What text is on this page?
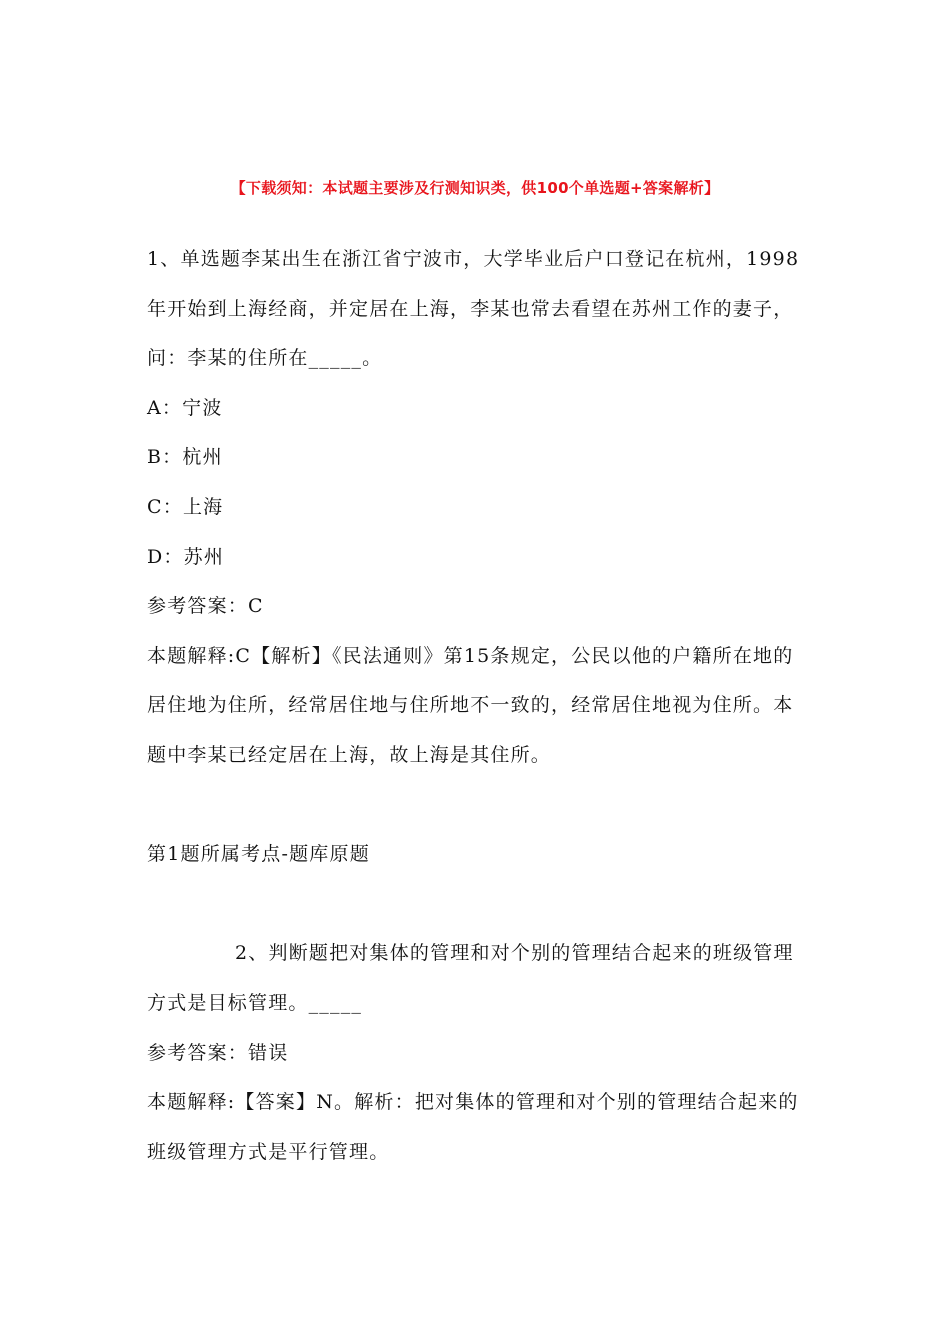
【下载须知：本试题主要涉及行测知识类，供100个单选题+答案解析】

1、单选题李某出生在浙江省宁波市，大学毕业后户口登记在杭州，1998年开始到上海经商，并定居在上海，李某也常去看望在苏州工作的妻子，问：李某的住所在_____。

A：宁波

B：杭州

C：上海

D：苏州

参考答案：C

本题解释:C【解析】《民法通则》第15条规定，公民以他的户籍所在地的居住地为住所，经常居住地与住所地不一致的，经常居住地视为住所。本题中李某已经定居在上海，故上海是其住所。

第1题所属考点-题库原题

2、判断题把对集体的管理和对个别的管理结合起来的班级管理方式是目标管理。_____

参考答案：错误

本题解释:【答案】N。解析：把对集体的管理和对个别的管理结合起来的班级管理方式是平行管理。
